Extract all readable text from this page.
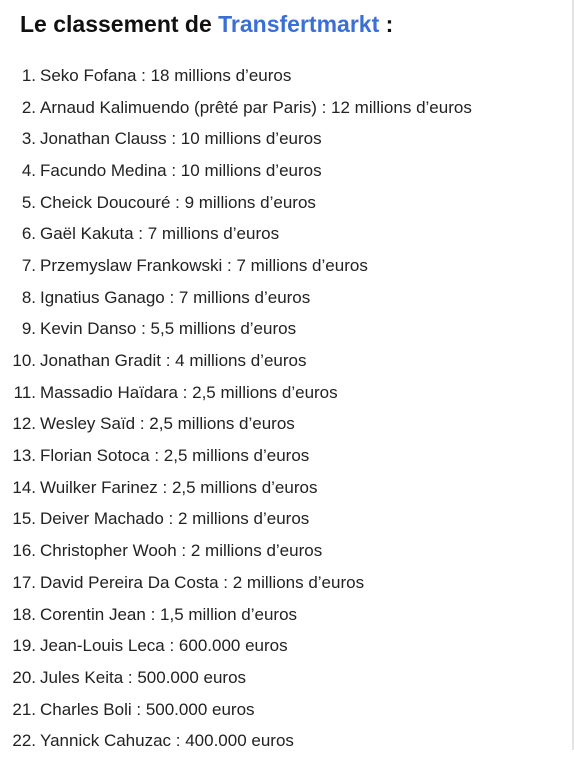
Le classement de Transfertmarkt :
1. Seko Fofana : 18 millions d’euros
2. Arnaud Kalimuendo (prêté par Paris) : 12 millions d’euros
3. Jonathan Clauss : 10 millions d’euros
4. Facundo Medina : 10 millions d’euros
5. Cheick Doucouré : 9 millions d’euros
6. Gaël Kakuta : 7 millions d’euros
7. Przemyslaw Frankowski : 7 millions d’euros
8. Ignatius Ganago : 7 millions d’euros
9. Kevin Danso : 5,5 millions d’euros
10. Jonathan Gradit : 4 millions d’euros
11. Massadio Haïdara : 2,5 millions d’euros
12. Wesley Saïd : 2,5 millions d’euros
13. Florian Sotoca : 2,5 millions d’euros
14. Wuilker Farinez : 2,5 millions d’euros
15. Deiver Machado : 2 millions d’euros
16. Christopher Wooh : 2 millions d’euros
17. David Pereira Da Costa : 2 millions d’euros
18. Corentin Jean : 1,5 million d’euros
19. Jean-Louis Leca : 600.000 euros
20. Jules Keita : 500.000 euros
21. Charles Boli : 500.000 euros
22. Yannick Cahuzac : 400.000 euros
